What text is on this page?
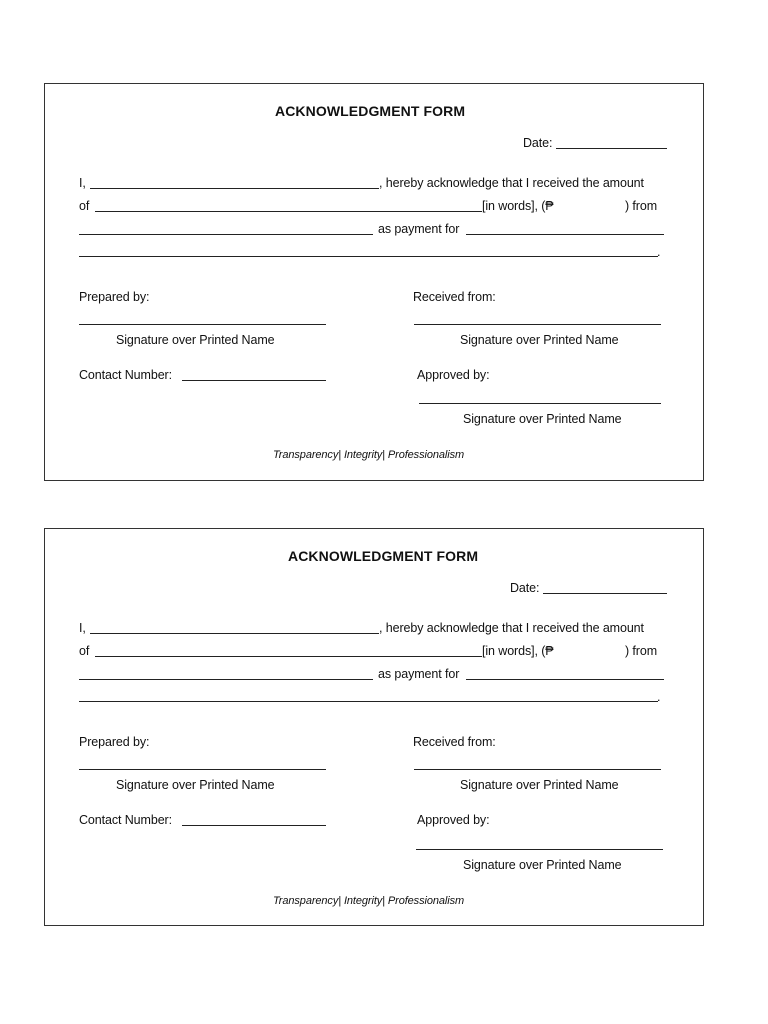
ACKNOWLEDGMENT FORM
Date:
I,	, hereby acknowledge that I received the amount
of	[in words], (₱	) from
as payment for
.
Prepared by:	Received from:
Signature over Printed Name	Signature over Printed Name
Contact Number:	Approved by:
Signature over Printed Name
Transparency| Integrity| Professionalism
ACKNOWLEDGMENT FORM
Date:
I,	, hereby acknowledge that I received the amount
of	[in words], (₱	) from
as payment for
.
Prepared by:	Received from:
Signature over Printed Name	Signature over Printed Name
Contact Number:	Approved by:
Signature over Printed Name
Transparency| Integrity| Professionalism
